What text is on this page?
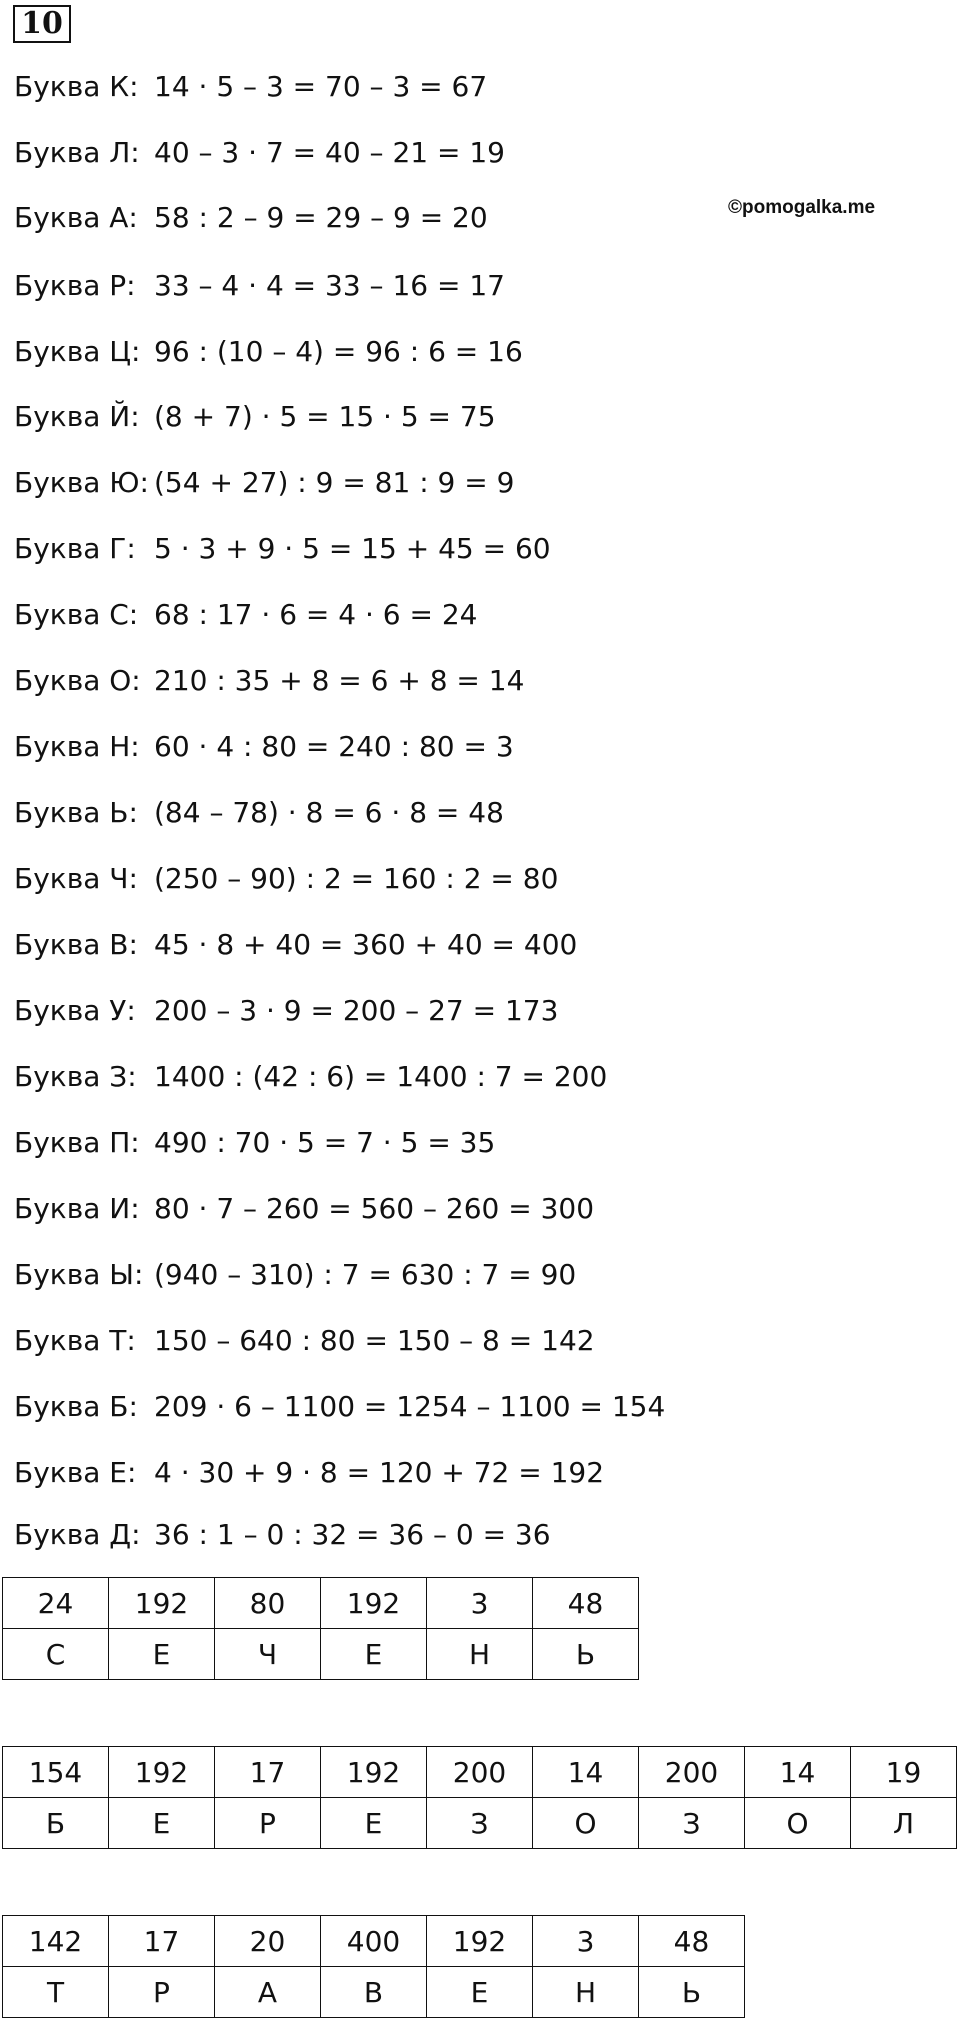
10
©pomogalka.me
Буква К: 14 · 5 – 3 = 70 – 3 = 67
Буква Л: 40 – 3 · 7 = 40 – 21 = 19
Буква А: 58 : 2 – 9 = 29 – 9 = 20
Буква Р: 33 – 4 · 4 = 33 – 16 = 17
Буква Ц: 96 : (10 – 4) = 96 : 6 = 16
Буква Й: (8 + 7) · 5 = 15 · 5 = 75
Буква Ю: (54 + 27) : 9 = 81 : 9 = 9
Буква Г: 5 · 3 + 9 · 5 = 15 + 45 = 60
Буква С: 68 : 17 · 6 = 4 · 6 = 24
Буква О: 210 : 35 + 8 = 6 + 8 = 14
Буква Н: 60 · 4 : 80 = 240 : 80 = 3
Буква Ь: (84 – 78) · 8 = 6 · 8 = 48
Буква Ч: (250 – 90) : 2 = 160 : 2 = 80
Буква В: 45 · 8 + 40 = 360 + 40 = 400
Буква У: 200 – 3 · 9 = 200 – 27 = 173
Буква З: 1400 : (42 : 6) = 1400 : 7 = 200
Буква П: 490 : 70 · 5 = 7 · 5 = 35
Буква И: 80 · 7 – 260 = 560 – 260 = 300
Буква Ы: (940 – 310) : 7 = 630 : 7 = 90
Буква Т: 150 – 640 : 80 = 150 – 8 = 142
Буква Б: 209 · 6 – 1100 = 1254 – 1100 = 154
Буква Е: 4 · 30 + 9 · 8 = 120 + 72 = 192
Буква Д: 36 : 1 – 0 : 32 = 36 – 0 = 36
24	192	80	192	3	48
С	Е	Ч	Е	Н	Ь
154	192	17	192	200	14	200	14	19
Б	Е	Р	Е	З	О	З	О	Л
142	17	20	400	192	3	48
Т	Р	А	В	Е	Н	Ь
